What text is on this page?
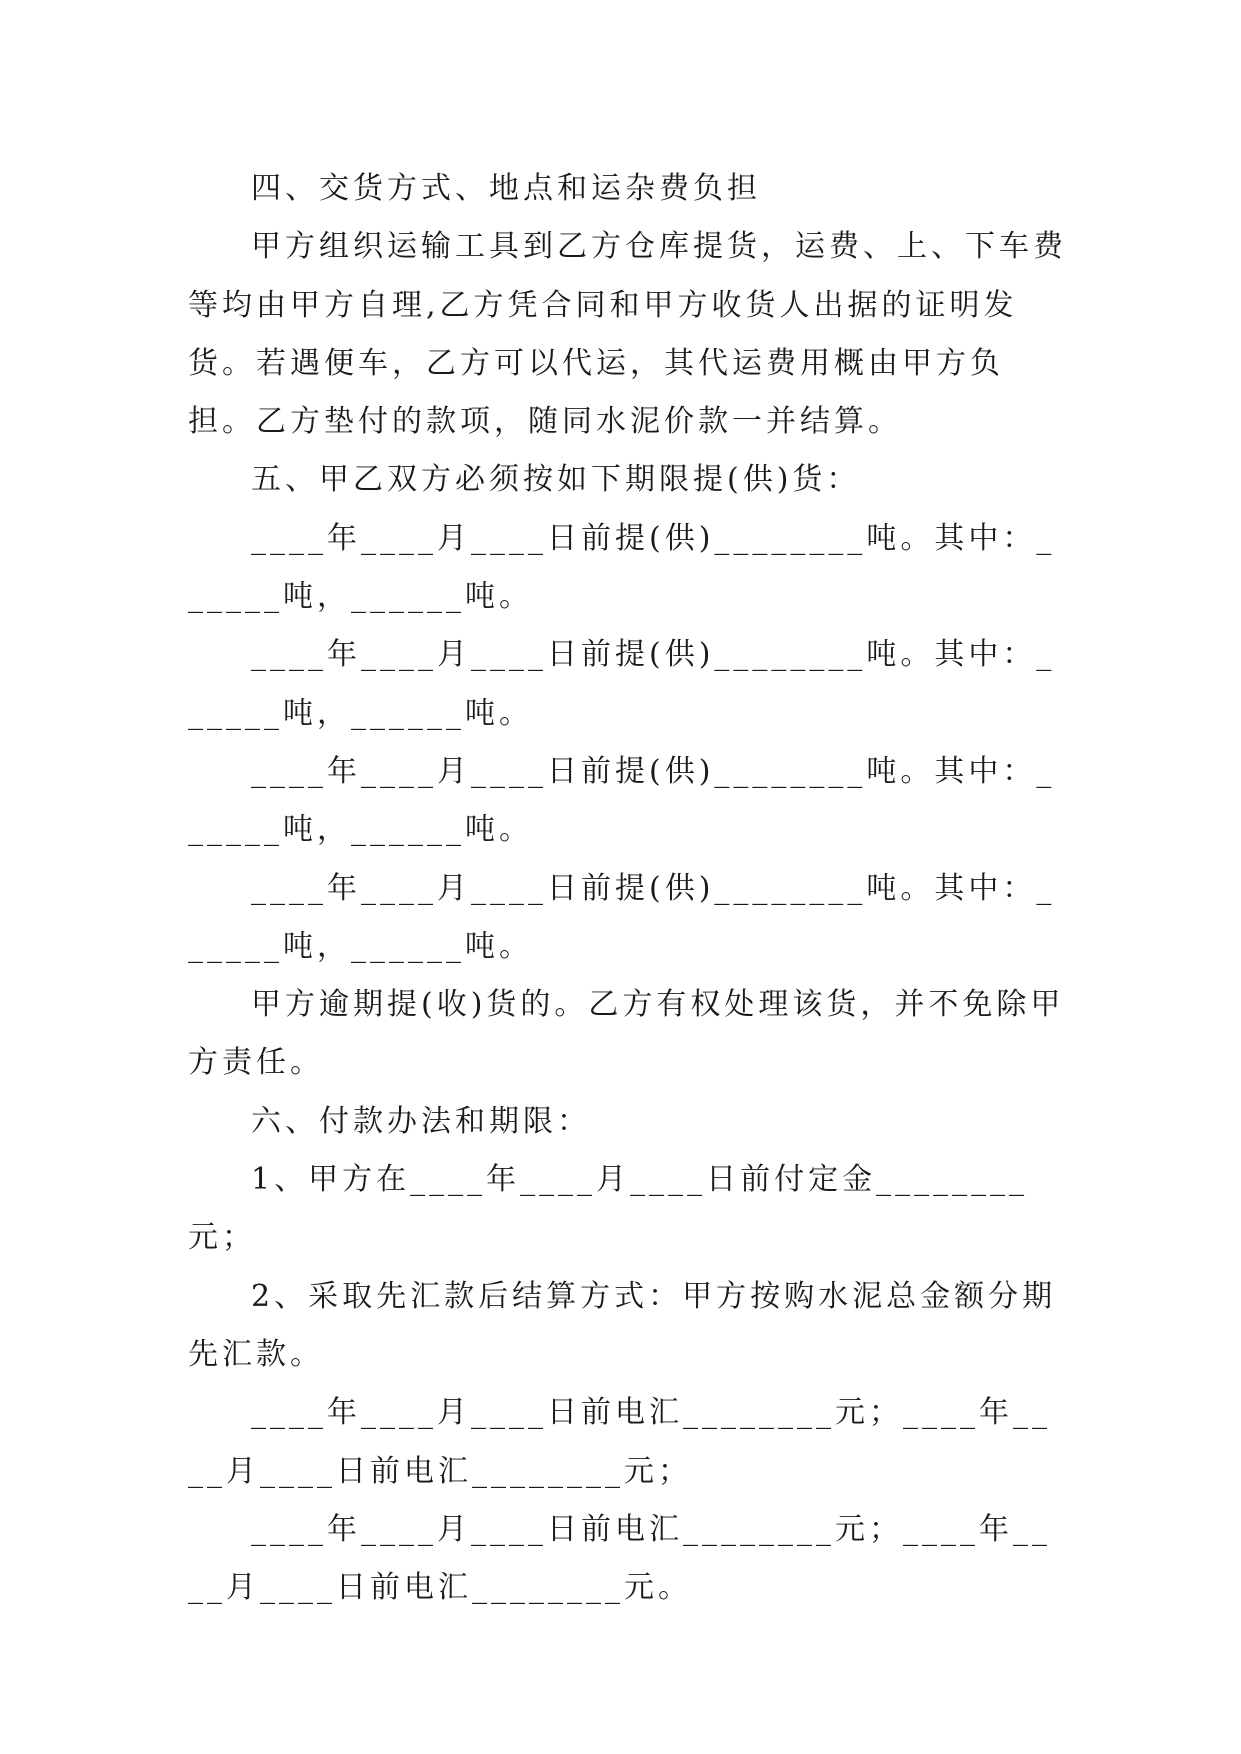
四、交货方式、地点和运杂费负担

甲方组织运输工具到乙方仓库提货，运费、上、下车费等均由甲方自理,乙方凭合同和甲方收货人出据的证明发货。若遇便车，乙方可以代运，其代运费用概由甲方负担。乙方垫付的款项，随同水泥价款一并结算。

五、甲乙双方必须按如下期限提(供)货：

____年____月____日前提(供)________吨。其中：______吨，______吨。

____年____月____日前提(供)________吨。其中：______吨，______吨。

____年____月____日前提(供)________吨。其中：______吨，______吨。

____年____月____日前提(供)________吨。其中：______吨，______吨。

甲方逾期提(收)货的。乙方有权处理该货，并不免除甲方责任。

六、付款办法和期限：

1、甲方在____年____月____日前付定金________元；

2、采取先汇款后结算方式：甲方按购水泥总金额分期先汇款。

____年____月____日前电汇________元；____年____月____日前电汇________元；

____年____月____日前电汇________元；____年____月____日前电汇________元。
